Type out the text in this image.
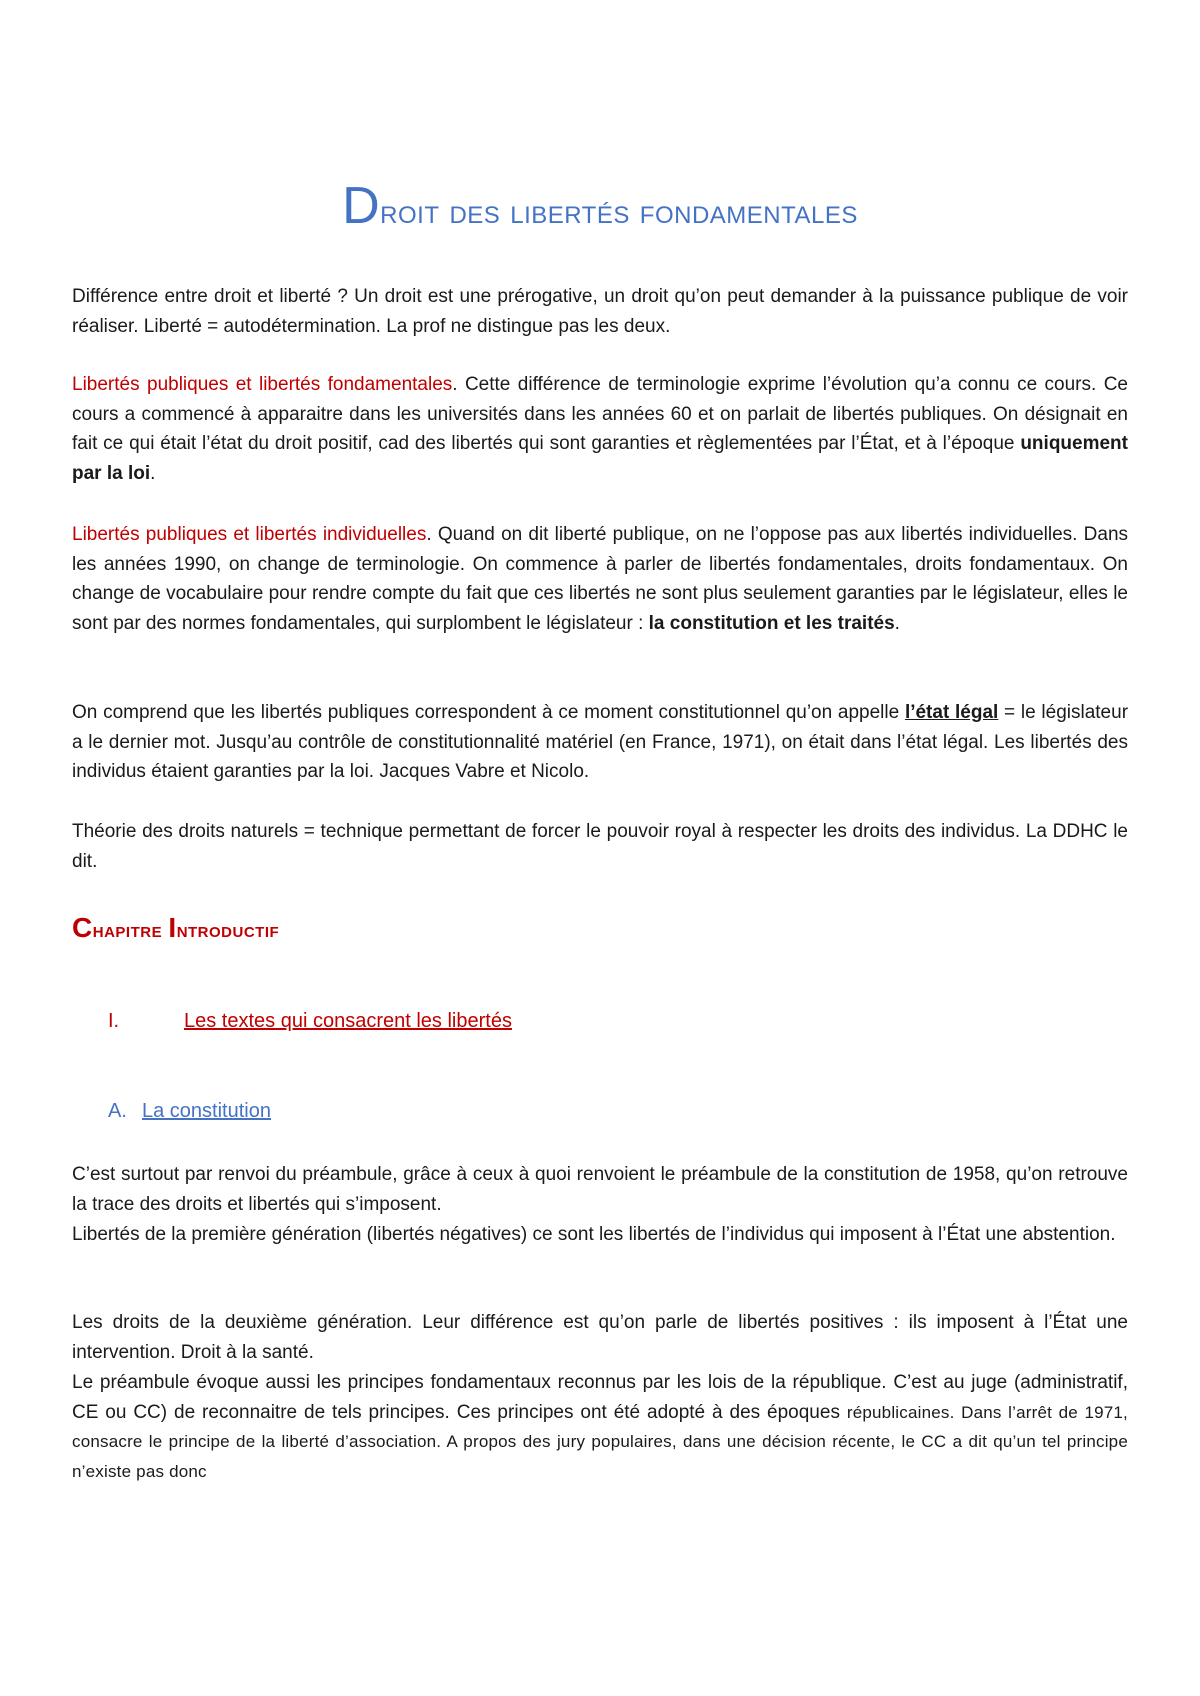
Droit des libertés fondamentales

Différence entre droit et liberté ? Un droit est une prérogative, un droit qu’on peut demander à la puissance publique de voir réaliser. Liberté = autodétermination. La prof ne distingue pas les deux.

Libertés publiques et libertés fondamentales. Cette différence de terminologie exprime l’évolution qu’a connu ce cours. Ce cours a commencé à apparaitre dans les universités dans les années 60 et on parlait de libertés publiques. On désignait en fait ce qui était l’état du droit positif, cad des libertés qui sont garanties et règlementées par l’État, et à l’époque uniquement par la loi.

Libertés publiques et libertés individuelles. Quand on dit liberté publique, on ne l’oppose pas aux libertés individuelles. Dans les années 1990, on change de terminologie. On commence à parler de libertés fondamentales, droits fondamentaux. On change de vocabulaire pour rendre compte du fait que ces libertés ne sont plus seulement garanties par le législateur, elles le sont par des normes fondamentales, qui surplombent le législateur : la constitution et les traités.

On comprend que les libertés publiques correspondent à ce moment constitutionnel qu’on appelle l’état légal = le législateur a le dernier mot. Jusqu’au contrôle de constitutionnalité matériel (en France, 1971), on était dans l’état légal. Les libertés des individus étaient garanties par la loi. Jacques Vabre et Nicolo.

Théorie des droits naturels = technique permettant de forcer le pouvoir royal à respecter les droits des individus. La DDHC le dit.

Chapitre Introductif
I.	Les textes qui consacrent les libertés
A. La constitution

C’est surtout par renvoi du préambule, grâce à ceux à quoi renvoient le préambule de la constitution de 1958, qu’on retrouve la trace des droits et libertés qui s’imposent.

Libertés de la première génération (libertés négatives) ce sont les libertés de l’individus qui imposent à l’État une abstention.

Les droits de la deuxième génération. Leur différence est qu’on parle de libertés positives : ils imposent à l’État une intervention. Droit à la santé.

Le préambule évoque aussi les principes fondamentaux reconnus par les lois de la république. C’est au juge (administratif, CE ou CC) de reconnaitre de tels principes. Ces principes ont été adopté à des époques républicaines. Dans l’arrêt de 1971, consacre le principe de la liberté d’association. A propos des jury populaires, dans une décision récente, le CC a dit qu’un tel principe n’existe pas donc
